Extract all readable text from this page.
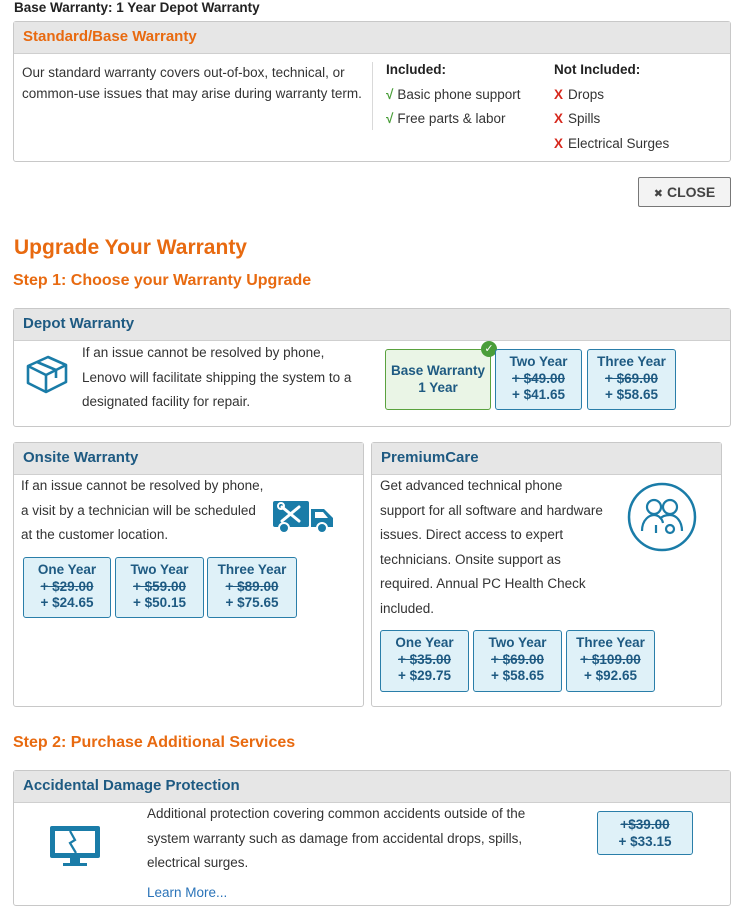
Base Warranty: 1 Year Depot Warranty
Standard/Base Warranty
Our standard warranty covers out-of-box, technical, or common-use issues that may arise during warranty term.
Included:
√ Basic phone support
√ Free parts & labor
Not Included:
X Drops
X Spills
X Electrical Surges
✖ CLOSE
Upgrade Your Warranty
Step 1: Choose your Warranty Upgrade
Depot Warranty
If an issue cannot be resolved by phone, Lenovo will facilitate shipping the system to a designated facility for repair.
Base Warranty
1 Year
✓
Two Year
+ $49.00
+ $41.65
Three Year
+ $69.00
+ $58.65
Onsite Warranty
If an issue cannot be resolved by phone, a visit by a technician will be scheduled at the customer location.
One Year
+ $29.00
+ $24.65
Two Year
+ $59.00
+ $50.15
Three Year
+ $89.00
+ $75.65
PremiumCare
Get advanced technical phone support for all software and hardware issues. Direct access to expert technicians. Onsite support as required. Annual PC Health Check included.
One Year
+ $35.00
+ $29.75
Two Year
+ $69.00
+ $58.65
Three Year
+ $109.00
+ $92.65
Step 2: Purchase Additional Services
Accidental Damage Protection
Additional protection covering common accidents outside of the system warranty such as damage from accidental drops, spills, electrical surges.
Learn More...
+$39.00
+ $33.15
